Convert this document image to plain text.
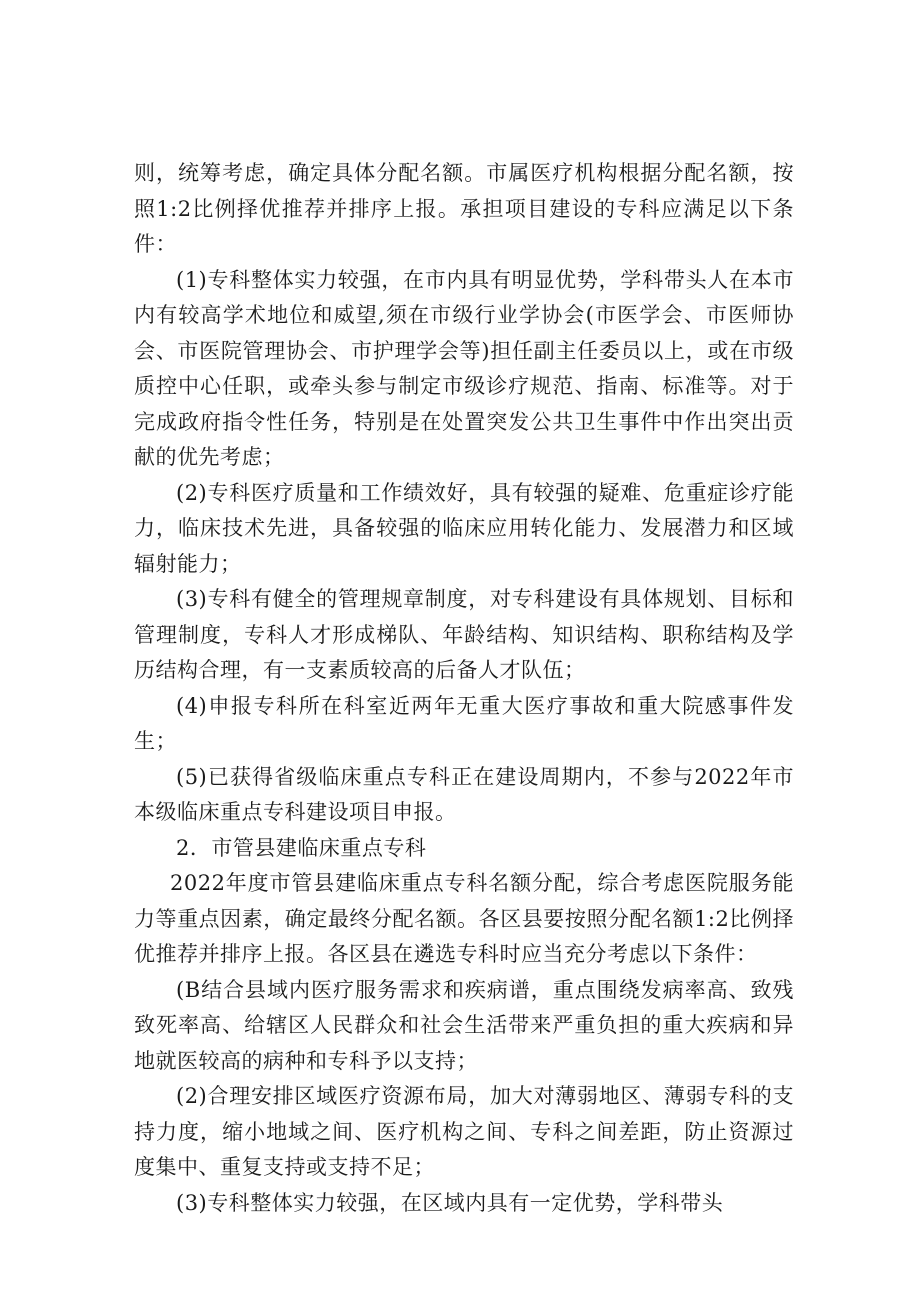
则，统筹考虑，确定具体分配名额。市属医疗机构根据分配名额，按照1:2比例择优推荐并排序上报。承担项目建设的专科应满足以下条件：

(1)专科整体实力较强，在市内具有明显优势，学科带头人在本市内有较高学术地位和威望,须在市级行业学协会(市医学会、市医师协会、市医院管理协会、市护理学会等)担任副主任委员以上，或在市级质控中心任职，或牵头参与制定市级诊疗规范、指南、标准等。对于完成政府指令性任务，特别是在处置突发公共卫生事件中作出突出贡献的优先考虑；

(2)专科医疗质量和工作绩效好，具有较强的疑难、危重症诊疗能力，临床技术先进，具备较强的临床应用转化能力、发展潜力和区域辐射能力；

(3)专科有健全的管理规章制度，对专科建设有具体规划、目标和管理制度，专科人才形成梯队、年龄结构、知识结构、职称结构及学历结构合理，有一支素质较高的后备人才队伍；

(4)申报专科所在科室近两年无重大医疗事故和重大院感事件发生；

(5)已获得省级临床重点专科正在建设周期内，不参与2022年市本级临床重点专科建设项目申报。

2．市管县建临床重点专科

2022年度市管县建临床重点专科名额分配，综合考虑医院服务能力等重点因素，确定最终分配名额。各区县要按照分配名额1:2比例择优推荐并排序上报。各区县在遴选专科时应当充分考虑以下条件：

(B结合县域内医疗服务需求和疾病谱，重点围绕发病率高、致残致死率高、给辖区人民群众和社会生活带来严重负担的重大疾病和异地就医较高的病种和专科予以支持；

(2)合理安排区域医疗资源布局，加大对薄弱地区、薄弱专科的支持力度，缩小地域之间、医疗机构之间、专科之间差距，防止资源过度集中、重复支持或支持不足；

(3)专科整体实力较强，在区域内具有一定优势，学科带头
